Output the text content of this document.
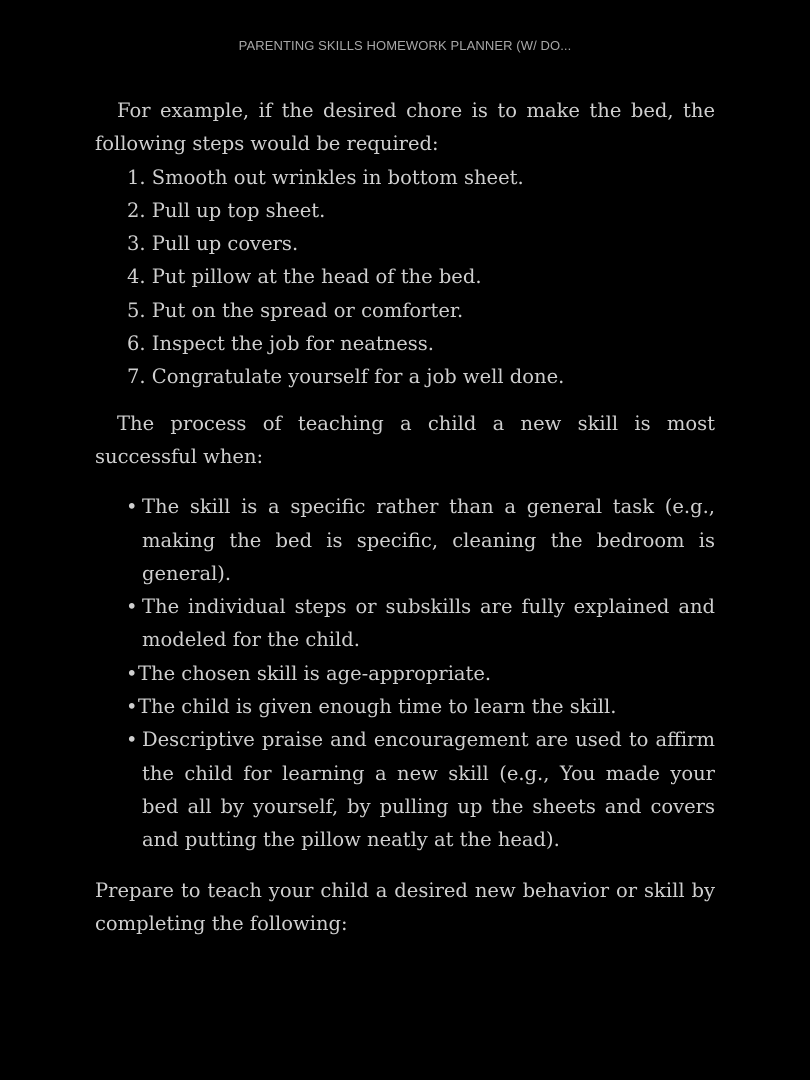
PARENTING SKILLS HOMEWORK PLANNER (W/ DO...

For example, if the desired chore is to make the bed, the following steps would be required:

1. Smooth out wrinkles in bottom sheet.
2. Pull up top sheet.
3. Pull up covers.
4. Put pillow at the head of the bed.
5. Put on the spread or comforter.
6. Inspect the job for neatness.
7. Congratulate yourself for a job well done.

The process of teaching a child a new skill is most successful when:

• The skill is a specific rather than a general task (e.g., making the bed is specific, cleaning the bedroom is general).
• The individual steps or subskills are fully explained and modeled for the child.
• The chosen skill is age-appropriate.
• The child is given enough time to learn the skill.
• Descriptive praise and encouragement are used to affirm the child for learning a new skill (e.g., You made your bed all by yourself, by pulling up the sheets and covers and putting the pillow neatly at the head).

Prepare to teach your child a desired new behavior or skill by completing the following:
